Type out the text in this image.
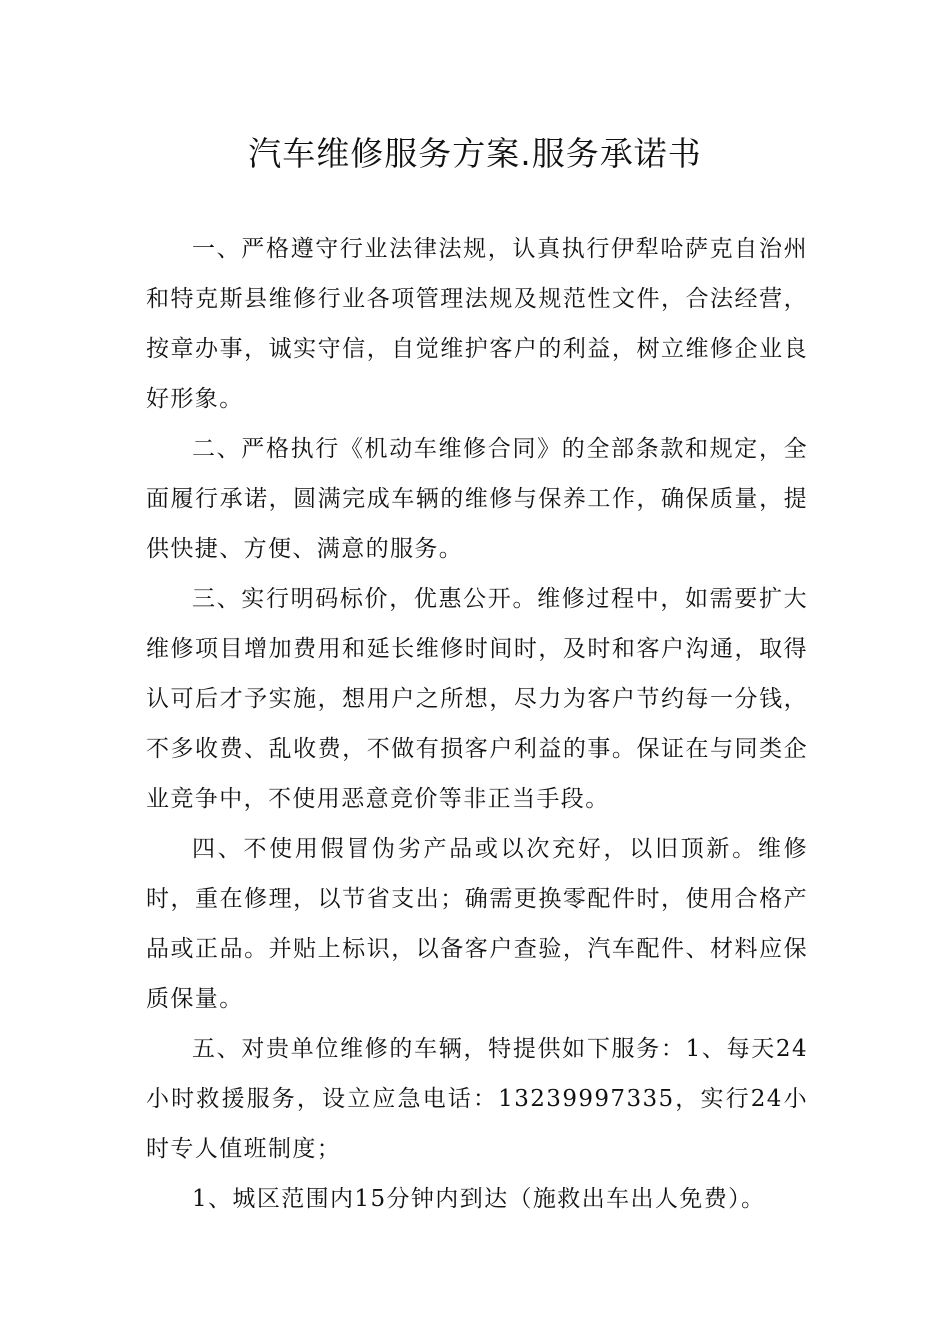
汽车维修服务方案.服务承诺书

一、严格遵守行业法律法规，认真执行伊犁哈萨克自治州和特克斯县维修行业各项管理法规及规范性文件，合法经营，按章办事，诚实守信，自觉维护客户的利益，树立维修企业良好形象。

二、严格执行《机动车维修合同》的全部条款和规定，全面履行承诺，圆满完成车辆的维修与保养工作，确保质量，提供快捷、方便、满意的服务。

三、实行明码标价，优惠公开。维修过程中，如需要扩大维修项目增加费用和延长维修时间时，及时和客户沟通，取得认可后才予实施，想用户之所想，尽力为客户节约每一分钱，不多收费、乱收费，不做有损客户利益的事。保证在与同类企业竞争中，不使用恶意竞价等非正当手段。

四、不使用假冒伪劣产品或以次充好，以旧顶新。维修时，重在修理，以节省支出；确需更换零配件时，使用合格产品或正品。并贴上标识，以备客户查验，汽车配件、材料应保质保量。

五、对贵单位维修的车辆，特提供如下服务：1、每天24小时救援服务，设立应急电话：13239997335，实行24小时专人值班制度；

1、城区范围内15分钟内到达（施救出车出人免费）。
